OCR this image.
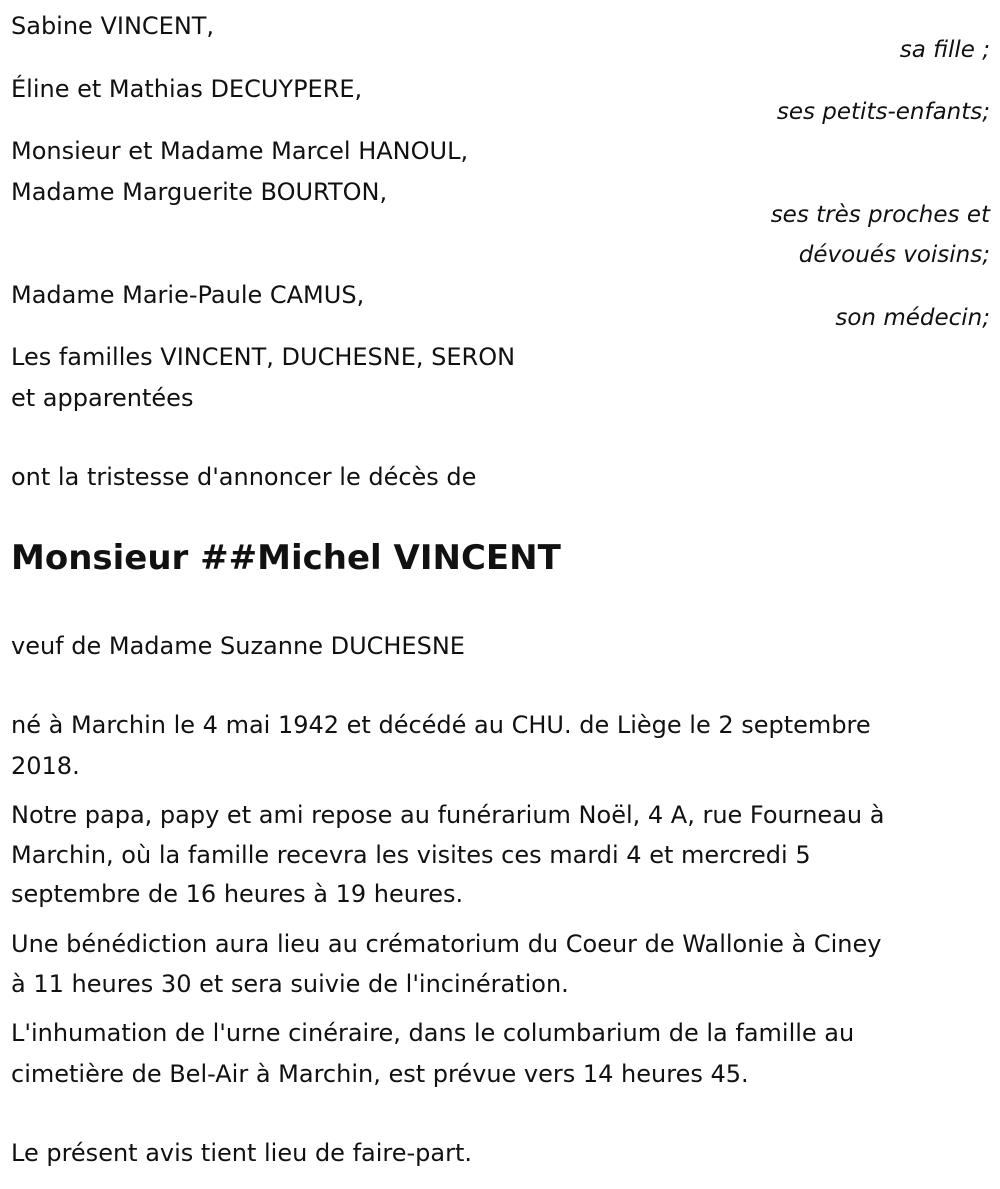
Sabine VINCENT,

sa fille ;

Éline et Mathias DECUYPERE,

ses petits-enfants;

Monsieur et Madame Marcel HANOUL,

Madame Marguerite BOURTON,

ses très proches et

dévoués voisins;

Madame Marie-Paule CAMUS,

son médecin;

Les familles VINCENT, DUCHESNE, SERON

et apparentées

ont la tristesse d'annoncer le décès de

Monsieur ##Michel VINCENT

veuf de Madame Suzanne DUCHESNE

né à Marchin le 4 mai 1942 et décédé au CHU. de Liège le 2 septembre

2018.

Notre papa, papy et ami repose au funérarium Noël, 4 A, rue Fourneau à

Marchin, où la famille recevra les visites ces mardi 4 et mercredi 5

septembre de 16 heures à 19 heures.

Une bénédiction aura lieu au crématorium du Coeur de Wallonie à Ciney

à 11 heures 30 et sera suivie de l'incinération.

L'inhumation de l'urne cinéraire, dans le columbarium de la famille au

cimetière de Bel-Air à Marchin, est prévue vers 14 heures 45.

Le présent avis tient lieu de faire-part.
